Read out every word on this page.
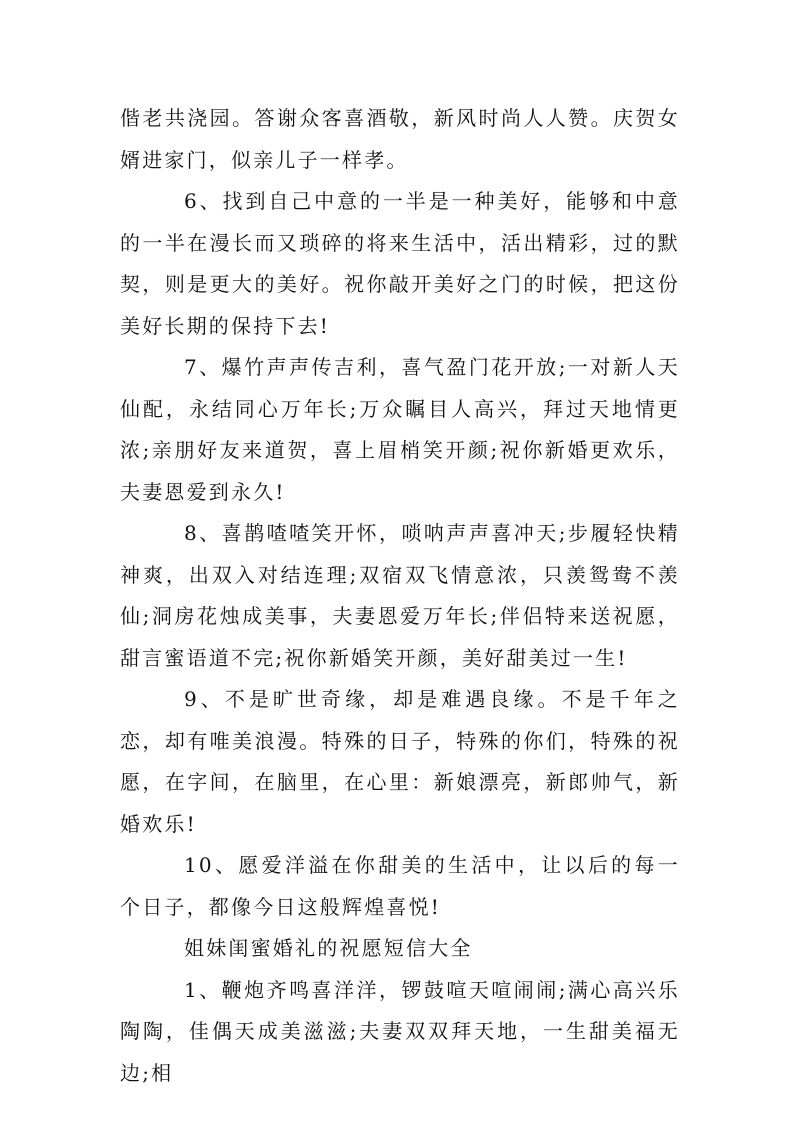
偕老共浇园。答谢众客喜酒敬，新风时尚人人赞。庆贺女婿进家门，似亲儿子一样孝。

6、找到自己中意的一半是一种美好，能够和中意的一半在漫长而又琐碎的将来生活中，活出精彩，过的默契，则是更大的美好。祝你敲开美好之门的时候，把这份美好长期的保持下去!

7、爆竹声声传吉利，喜气盈门花开放;一对新人天仙配，永结同心万年长;万众瞩目人高兴，拜过天地情更浓;亲朋好友来道贺，喜上眉梢笑开颜;祝你新婚更欢乐，夫妻恩爱到永久!

8、喜鹊喳喳笑开怀，唢呐声声喜冲天;步履轻快精神爽，出双入对结连理;双宿双飞情意浓，只羡鸳鸯不羡仙;洞房花烛成美事，夫妻恩爱万年长;伴侣特来送祝愿，甜言蜜语道不完;祝你新婚笑开颜，美好甜美过一生!

9、不是旷世奇缘，却是难遇良缘。不是千年之恋，却有唯美浪漫。特殊的日子，特殊的你们，特殊的祝愿，在字间，在脑里，在心里：新娘漂亮，新郎帅气，新婚欢乐!

10、愿爱洋溢在你甜美的生活中，让以后的每一个日子，都像今日这般辉煌喜悦!

姐妹闺蜜婚礼的祝愿短信大全

1、鞭炮齐鸣喜洋洋，锣鼓喧天喧闹闹;满心高兴乐陶陶，佳偶天成美滋滋;夫妻双双拜天地，一生甜美福无边;相
